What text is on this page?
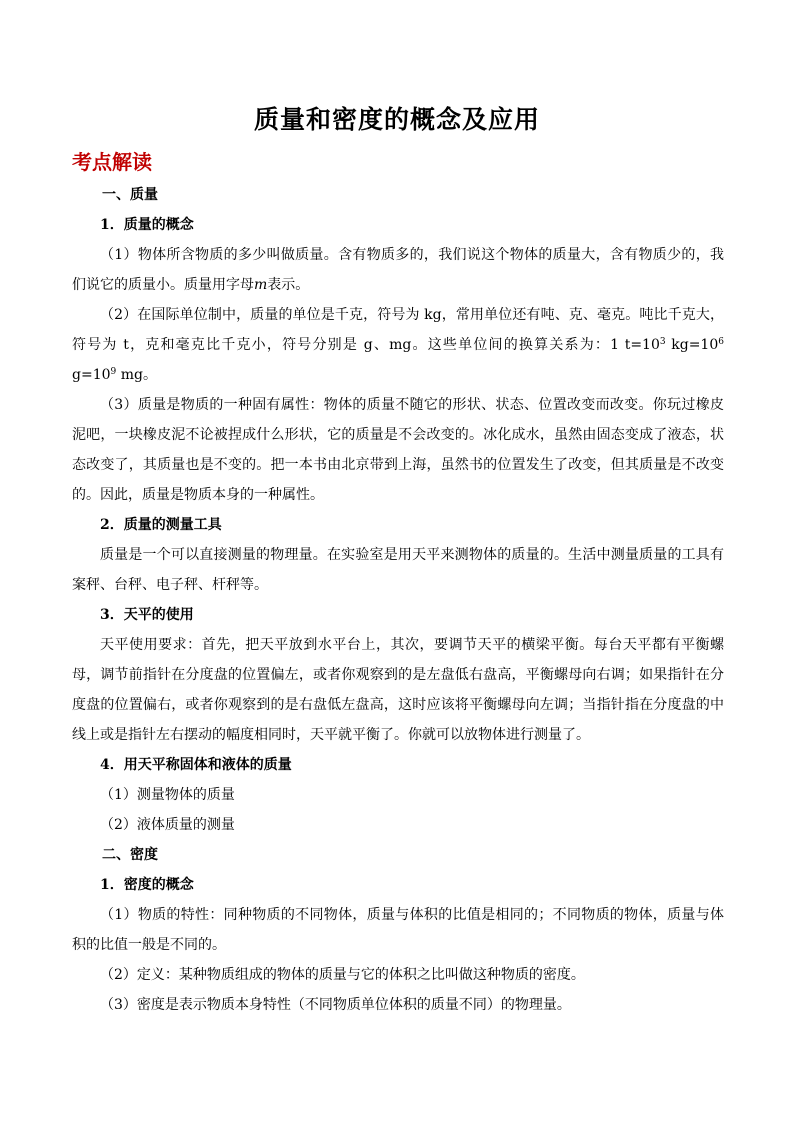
质量和密度的概念及应用
考点解读

一、质量

1．质量的概念

（1）物体所含物质的多少叫做质量。含有物质多的，我们说这个物体的质量大，含有物质少的，我们说它的质量小。质量用字母m表示。

（2）在国际单位制中，质量的单位是千克，符号为 kg，常用单位还有吨、克、毫克。吨比千克大，符号为 t，克和毫克比千克小，符号分别是 g、mg。这些单位间的换算关系为：1 $t=10^3$ $kg=10^6$ $g=10^9$ mg。

（3）质量是物质的一种固有属性：物体的质量不随它的形状、状态、位置改变而改变。你玩过橡皮泥吧，一块橡皮泥不论被捏成什么形状，它的质量是不会改变的。冰化成水，虽然由固态变成了液态，状态改变了，其质量也是不变的。把一本书由北京带到上海，虽然书的位置发生了改变，但其质量是不改变的。因此，质量是物质本身的一种属性。

2．质量的测量工具

质量是一个可以直接测量的物理量。在实验室是用天平来测物体的质量的。生活中测量质量的工具有案秤、台秤、电子秤、杆秤等。

3．天平的使用

天平使用要求：首先，把天平放到水平台上，其次，要调节天平的横梁平衡。每台天平都有平衡螺母，调节前指针在分度盘的位置偏左，或者你观察到的是左盘低右盘高，平衡螺母向右调；如果指针在分度盘的位置偏右，或者你观察到的是右盘低左盘高，这时应该将平衡螺母向左调；当指针指在分度盘的中线上或是指针左右摆动的幅度相同时，天平就平衡了。你就可以放物体进行测量了。

4．用天平称固体和液体的质量

（1）测量物体的质量

（2）液体质量的测量

二、密度

1．密度的概念

（1）物质的特性：同种物质的不同物体，质量与体积的比值是相同的；不同物质的物体，质量与体积的比值一般是不同的。

（2）定义：某种物质组成的物体的质量与它的体积之比叫做这种物质的密度。

（3）密度是表示物质本身特性（不同物质单位体积的质量不同）的物理量。
